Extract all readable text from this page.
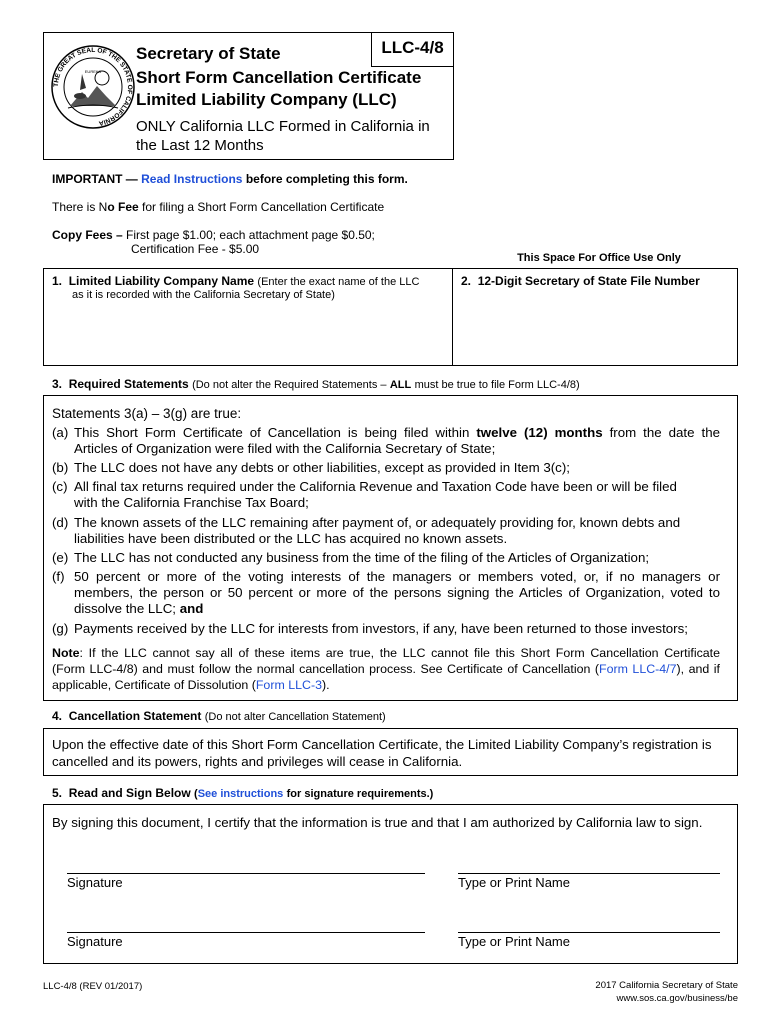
LLC-4/8
THE GREAT SEAL OF THE STATE OF CALIFORNIA
EUREKA
Secretary of State
Short Form Cancellation Certificate
Limited Liability Company (LLC)
ONLY California LLC Formed in California in the Last 12 Months
IMPORTANT — Read Instructions before completing this form.
There is No Fee for filing a Short Form Cancellation Certificate
Copy Fees – First page $1.00; each attachment page $0.50;
Certification Fee - $5.00
This Space For Office Use Only
1. Limited Liability Company Name (Enter the exact name of the LLC
as it is recorded with the California Secretary of State)
2. 12-Digit Secretary of State File Number
3. Required Statements (Do not alter the Required Statements – ALL must be true to file Form LLC-4/8)
Statements 3(a) – 3(g) are true:
(a) This Short Form Certificate of Cancellation is being filed within twelve (12) months from the date the

Articles of Organization were filed with the California Secretary of State;

(b) The LLC does not have any debts or other liabilities, except as provided in Item 3(c);

(c) All final tax returns required under the California Revenue and Taxation Code have been or will be filed

with the California Franchise Tax Board;

(d) The known assets of the LLC remaining after payment of, or adequately providing for, known debts and

liabilities have been distributed or the LLC has acquired no known assets.

(e) The LLC has not conducted any business from the time of the filing of the Articles of Organization;

(f) 50 percent or more of the voting interests of the managers or members voted, or, if no managers or

members, the person or 50 percent or more of the persons signing the Articles of Organization, voted to

dissolve the LLC; and

(g) Payments received by the LLC for interests from investors, if any, have been returned to those investors;

Note: If the LLC cannot say all of these items are true, the LLC cannot file this Short Form Cancellation Certificate

(Form LLC-4/8) and must follow the normal cancellation process. See Certificate of Cancellation (Form LLC-4/7), and if

applicable, Certificate of Dissolution (Form LLC-3).

4. Cancellation Statement (Do not alter Cancellation Statement)

Upon the effective date of this Short Form Cancellation Certificate, the Limited Liability Company’s registration is

cancelled and its powers, rights and privileges will cease in California.

5. Read and Sign Below (See instructions for signature requirements.)
By signing this document, I certify that the information is true and that I am authorized by California law to sign.
Signature	Type or Print Name
Signature	Type or Print Name
LLC-4/8 (REV 01/2017)	2017 California Secretary of State
www.sos.ca.gov/business/be
